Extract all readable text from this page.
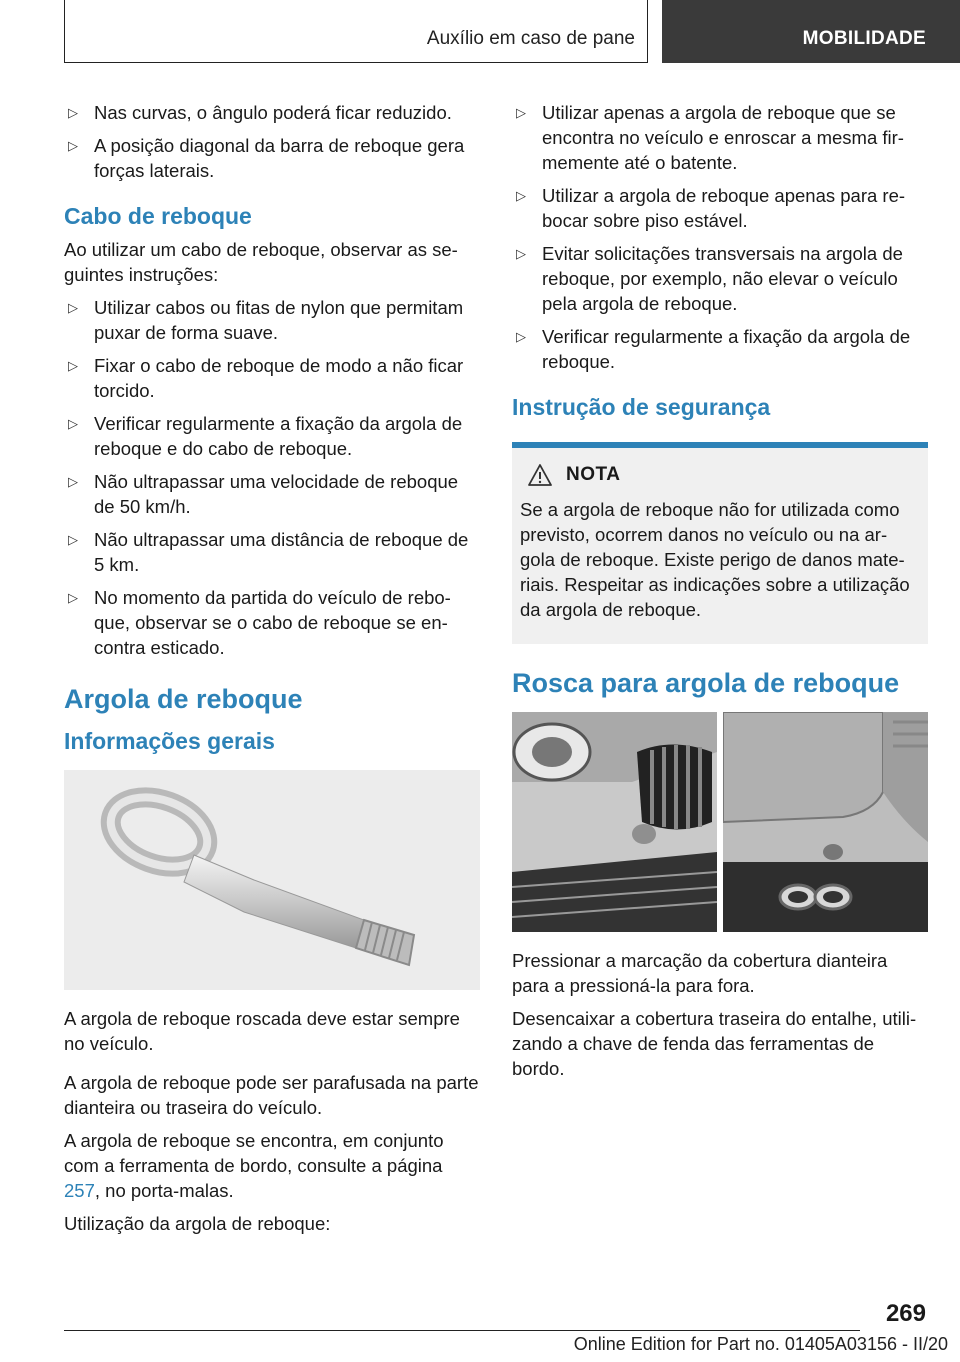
Auxílio em caso de pane	MOBILIDADE
▷ Nas curvas, o ângulo poderá ficar reduzido.
▷ A posição diagonal da barra de reboque gera forças laterais.
Cabo de reboque

Ao utilizar um cabo de reboque, observar as se-guintes instruções:

▷ Utilizar cabos ou fitas de nylon que permitam puxar de forma suave.
▷ Fixar o cabo de reboque de modo a não ficar torcido.
▷ Verificar regularmente a fixação da argola de reboque e do cabo de reboque.
▷ Não ultrapassar uma velocidade de reboque de 50 km/h.
▷ Não ultrapassar uma distância de reboque de 5 km.
▷ No momento da partida do veículo de rebo-que, observar se o cabo de reboque se en-contra esticado.
Argola de reboque
Informações gerais

A argola de reboque roscada deve estar sempre no veículo.

A argola de reboque pode ser parafusada na parte dianteira ou traseira do veículo.

A argola de reboque se encontra, em conjunto com a ferramenta de bordo, consulte a página 257, no porta-malas.

Utilização da argola de reboque:

▷ Utilizar apenas a argola de reboque que se encontra no veículo e enroscar a mesma fir-memente até o batente.
▷ Utilizar a argola de reboque apenas para re-bocar sobre piso estável.
▷ Evitar solicitações transversais na argola de reboque, por exemplo, não elevar o veículo pela argola de reboque.
▷ Verificar regularmente a fixação da argola de reboque.
Instrução de segurança
NOTA

Se a argola de reboque não for utilizada como previsto, ocorrem danos no veículo ou na ar-gola de reboque. Existe perigo de danos mate-riais. Respeitar as indicações sobre a utilização da argola de reboque.

Rosca para argola de reboque

Pressionar a marcação da cobertura dianteira para a pressioná-la para fora.

Desencaixar a cobertura traseira do entalhe, utili-zando a chave de fenda das ferramentas de bordo.

269
Online Edition for Part no. 01405A03156 - II/20
